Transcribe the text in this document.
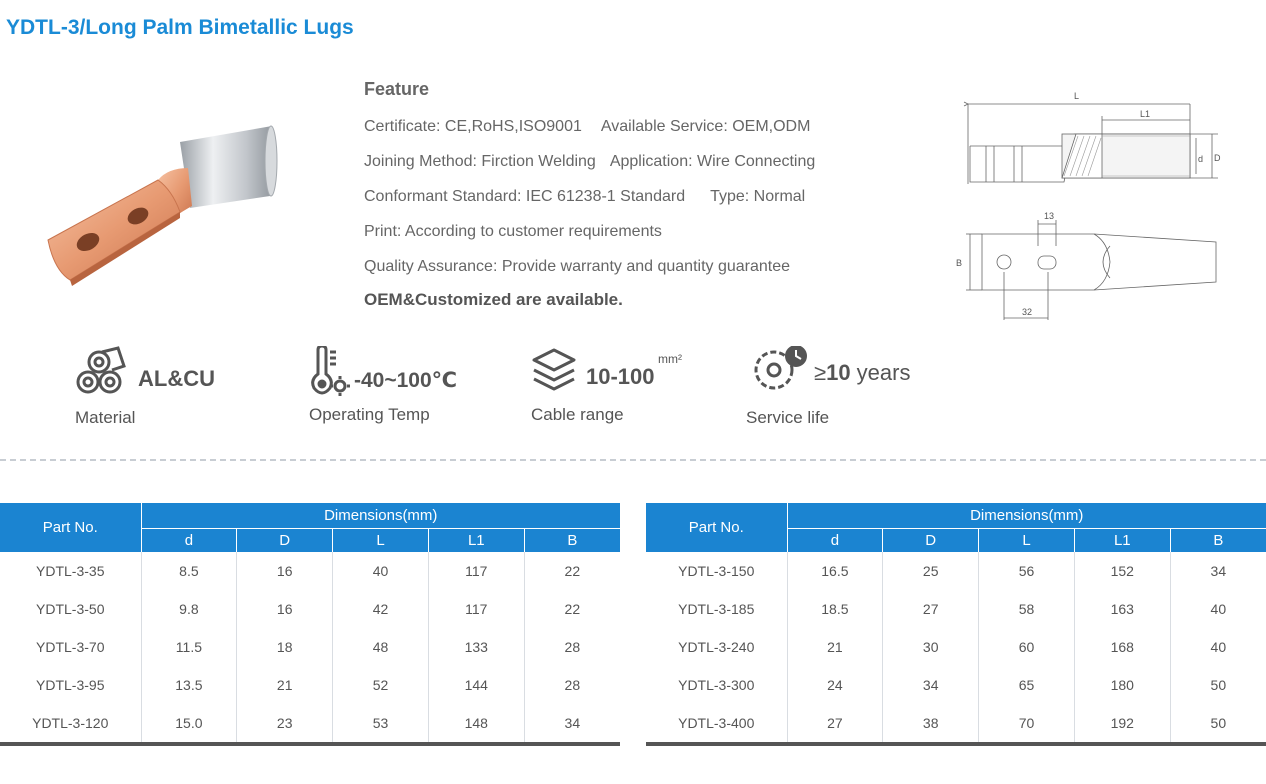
YDTL-3/Long Palm Bimetallic Lugs
Feature
Certificate: CE,RoHS,ISO9001 Available Service: OEM,ODM
Joining Method: Firction Welding Application: Wire Connecting
Conformant Standard: IEC 61238-1 Standard Type: Normal
Print: According to customer requirements
Quality Assurance: Provide warranty and quantity guarantee
OEM&Customized are available.
L
L1
d D
13
B
32
AL&CU
Material
-40~100℃
Operating Temp
10-100
mm²
Cable range
≥10 years
Service life
Part No.	Dimensions(mm)				
	d	D	L	L1	B
YDTL-3-35	8.5	16	40	117	22
YDTL-3-50	9.8	16	42	117	22
YDTL-3-70	11.5	18	48	133	28
YDTL-3-95	13.5	21	52	144	28
YDTL-3-120	15.0	23	53	148	34
Part No.	Dimensions(mm)				
	d	D	L	L1	B
YDTL-3-150	16.5	25	56	152	34
YDTL-3-185	18.5	27	58	163	40
YDTL-3-240	21	30	60	168	40
YDTL-3-300	24	34	65	180	50
YDTL-3-400	27	38	70	192	50
